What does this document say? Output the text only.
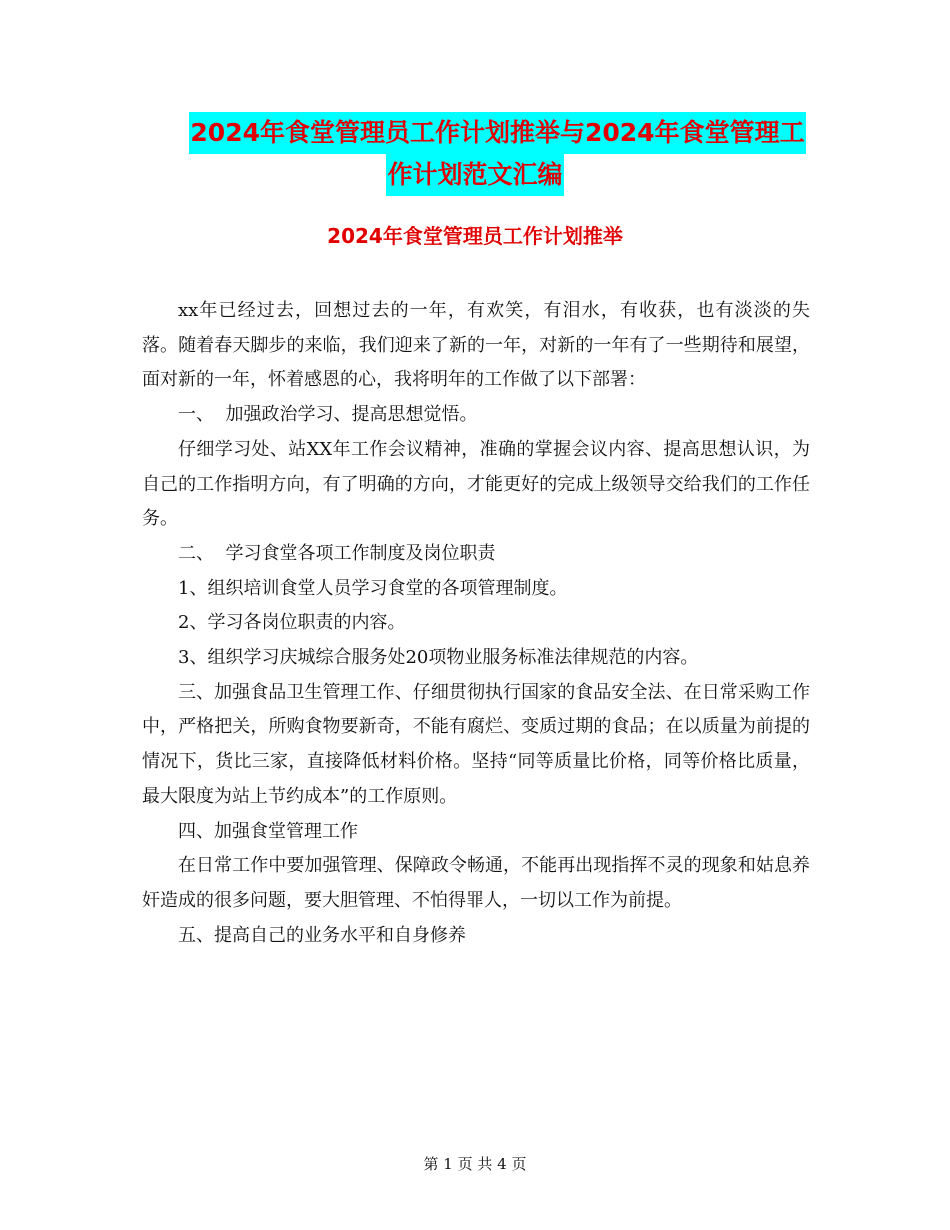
2024年食堂管理员工作计划推举与2024年食堂管理工
作计划范文汇编
2024年食堂管理员工作计划推举

xx年已经过去，回想过去的一年，有欢笑，有泪水，有收获，也有淡淡的失落。随着春天脚步的来临，我们迎来了新的一年，对新的一年有了一些期待和展望，面对新的一年，怀着感恩的心，我将明年的工作做了以下部署：

一、  加强政治学习、提高思想觉悟。

仔细学习处、站XX年工作会议精神，准确的掌握会议内容、提高思想认识，为自己的工作指明方向，有了明确的方向，才能更好的完成上级领导交给我们的工作任务。

二、  学习食堂各项工作制度及岗位职责

1、组织培训食堂人员学习食堂的各项管理制度。

2、学习各岗位职责的内容。

3、组织学习庆城综合服务处20项物业服务标准法律规范的内容。

三、加强食品卫生管理工作、仔细贯彻执行国家的食品安全法、在日常采购工作中，严格把关，所购食物要新奇，不能有腐烂、变质过期的食品；在以质量为前提的情况下，货比三家，直接降低材料价格。坚持“同等质量比价格，同等价格比质量，最大限度为站上节约成本”的工作原则。

四、加强食堂管理工作

在日常工作中要加强管理、保障政令畅通，不能再出现指挥不灵的现象和姑息养奸造成的很多问题，要大胆管理、不怕得罪人，一切以工作为前提。

五、提高自己的业务水平和自身修养

第 1 页 共 4 页
